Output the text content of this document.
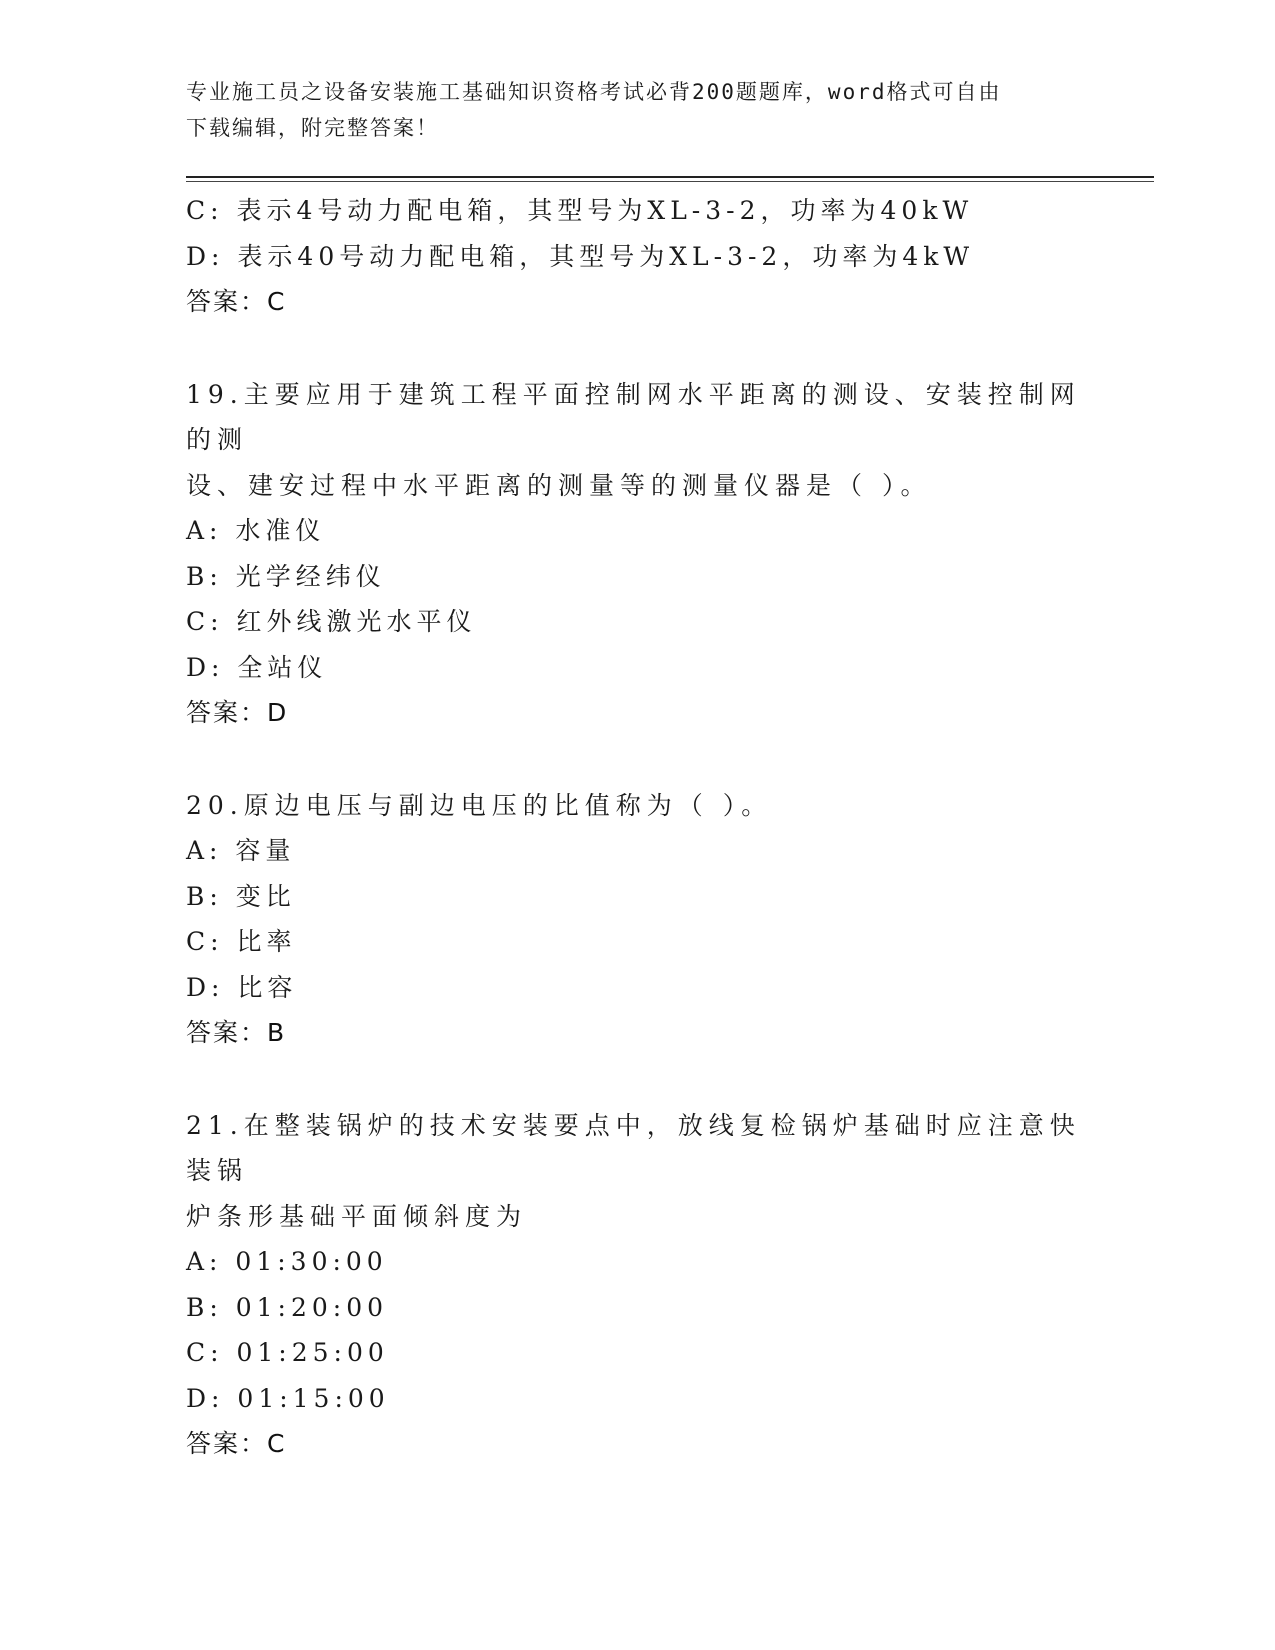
专业施工员之设备安装施工基础知识资格考试必背200题题库，word格式可自由
下载编辑，附完整答案！
C: 表示4号动力配电箱，其型号为XL-3-2，功率为40kW
D: 表示40号动力配电箱，其型号为XL-3-2，功率为4kW
答案：C
19.主要应用于建筑工程平面控制网水平距离的测设、安装控制网的测
设、建安过程中水平距离的测量等的测量仪器是（ ）。
A: 水准仪
B: 光学经纬仪
C: 红外线激光水平仪
D: 全站仪
答案：D
20.原边电压与副边电压的比值称为（ ）。
A: 容量
B: 变比
C: 比率
D: 比容
答案：B
21.在整装锅炉的技术安装要点中，放线复检锅炉基础时应注意快装锅
炉条形基础平面倾斜度为
A: 01:30:00
B: 01:20:00
C: 01:25:00
D: 01:15:00
答案：C
